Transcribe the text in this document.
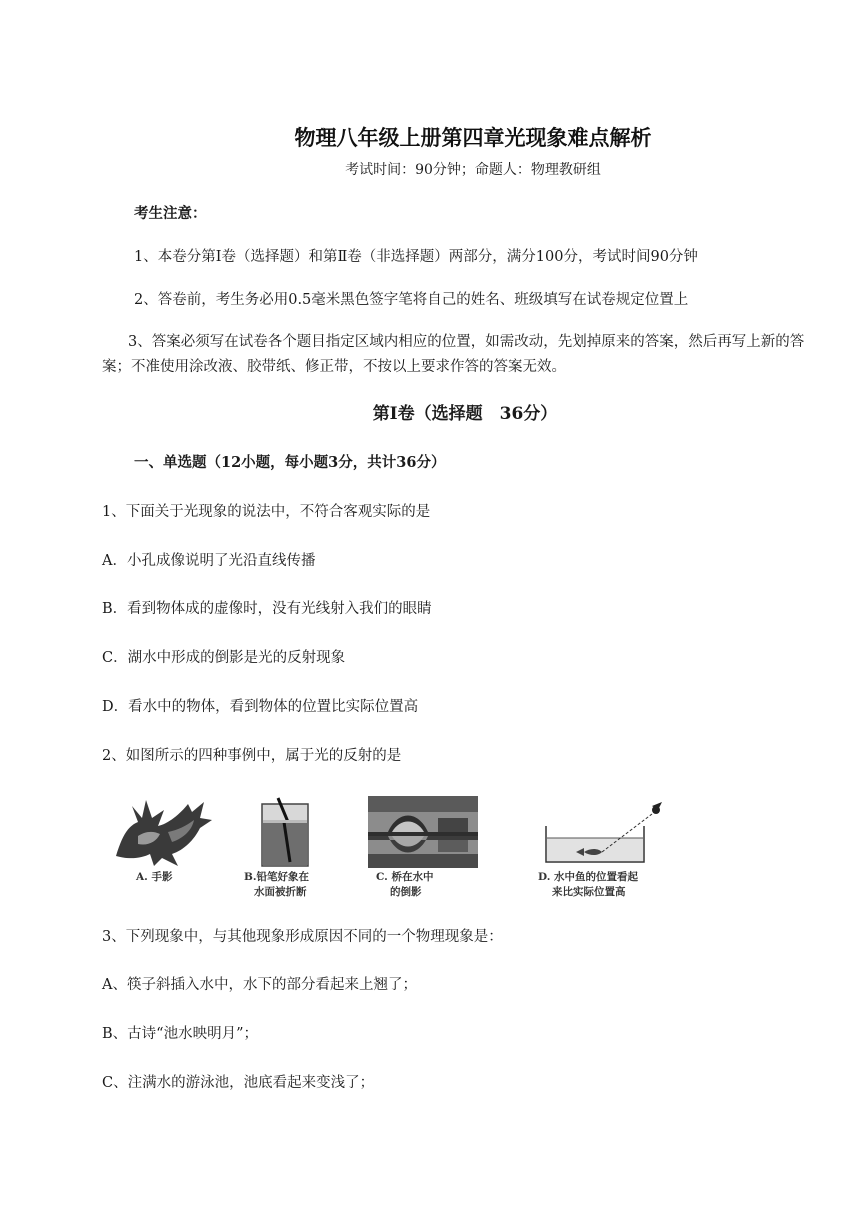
物理八年级上册第四章光现象难点解析
考试时间：90分钟；命题人：物理教研组
考生注意：
1、本卷分第Ⅰ卷（选择题）和第Ⅱ卷（非选择题）两部分，满分100分，考试时间90分钟
2、答卷前，考生务必用0.5毫米黑色签字笔将自己的姓名、班级填写在试卷规定位置上
3、答案必须写在试卷各个题目指定区域内相应的位置，如需改动，先划掉原来的答案，然后再写上新的答案；不准使用涂改液、胶带纸、修正带，不按以上要求作答的答案无效。
第Ⅰ卷（选择题　36分）
一、单选题（12小题，每小题3分，共计36分）
1、下面关于光现象的说法中，不符合客观实际的是
A．小孔成像说明了光沿直线传播
B．看到物体成的虚像时，没有光线射入我们的眼睛
C．湖水中形成的倒影是光的反射现象
D．看水中的物体，看到物体的位置比实际位置高
2、如图所示的四种事例中，属于光的反射的是
A. 手影	B.铅笔好象在
水面被折断
C. 桥在水中
的倒影
D. 水中鱼的位置看起
来比实际位置高
3、下列现象中，与其他现象形成原因不同的一个物理现象是：
A、筷子斜插入水中，水下的部分看起来上翘了；
B、古诗“池水映明月”；
C、注满水的游泳池，池底看起来变浅了；
